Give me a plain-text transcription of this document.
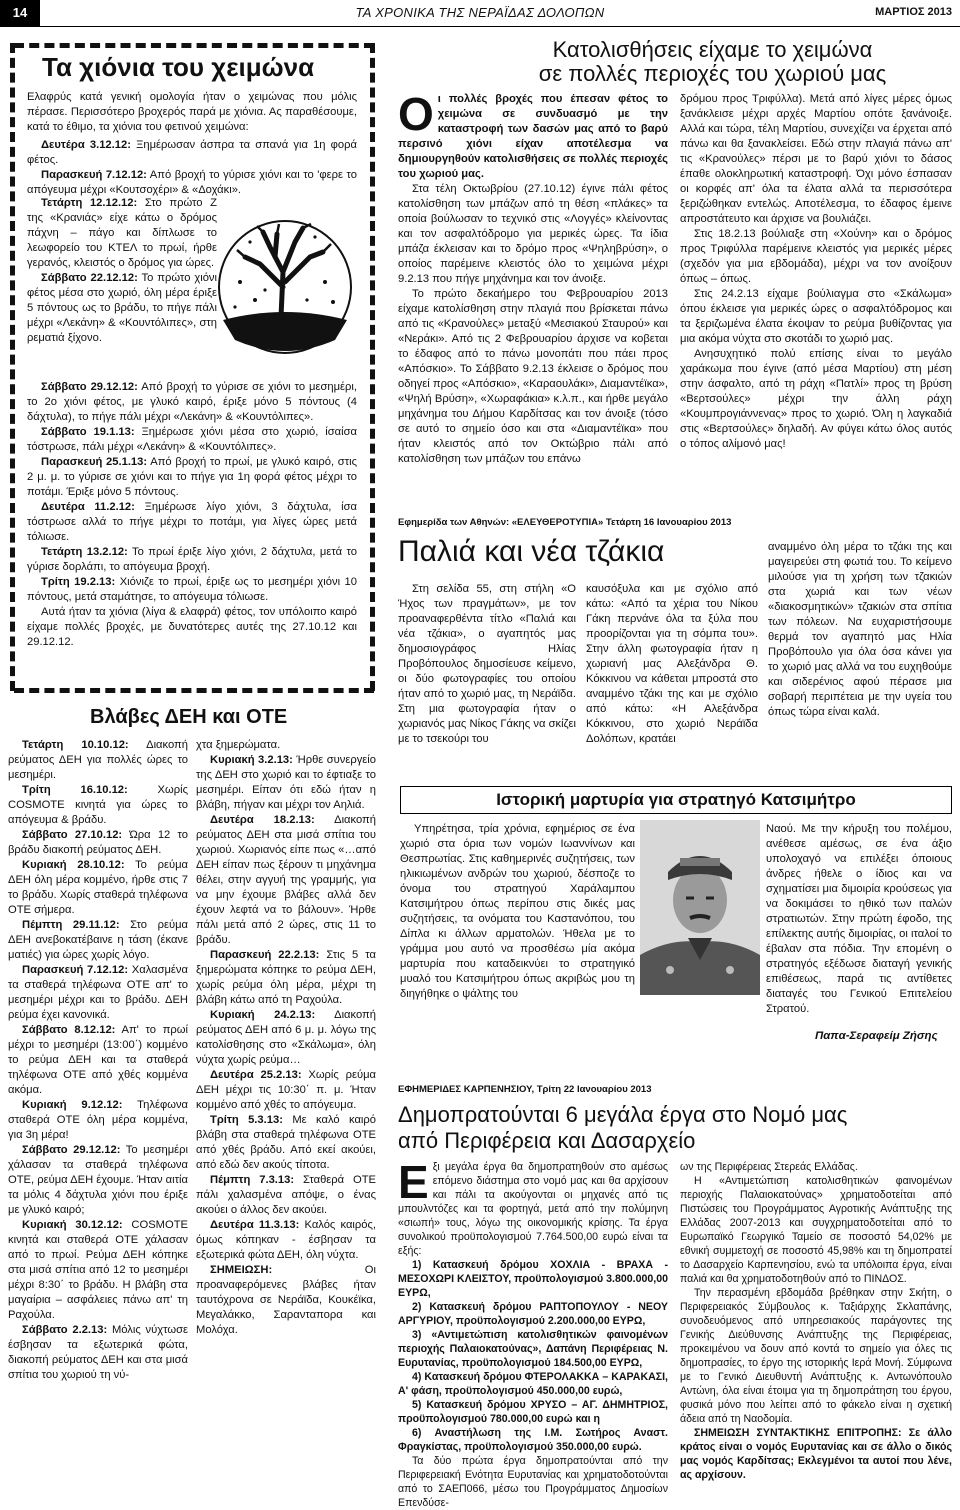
14	ΤΑ ΧΡΟΝΙΚΑ ΤΗΣ ΝΕΡΑΪΔΑΣ ΔΟΛΟΠΩΝ	ΜΑΡΤΙΟΣ 2013
Τα χιόνια του χειμώνα

Ελαφρύς κατά γενική ομολογία ήταν ο χειμώνας που μόλις πέρασε. Περισσότερο βροχερός παρά με χιόνια. Ας παραθέσουμε, κατά το έθιμο, τα χιόνια του φετινού χειμώνα:

Δευτέρα 3.12.12: Ξημέρωσαν άσπρα τα σπανά για 1η φορά φέτος.

Παρασκευή 7.12.12: Από βροχή το γύρισε χιόνι και το 'φερε το απόγευμα μέχρι «Κουτσοχέρι» & «Δοχάκι».

Τετάρτη 12.12.12: Στο πρώτο Ζ της «Κρανιάς» είχε κάτω ο δρόμος πάχνη – πάγο και δίπλωσε το λεωφορείο του ΚΤΕΛ το πρωί, ήρθε γερανός, κλειστός ο δρόμος για ώρες.

Σάββατο 22.12.12: Το πρώτο χιόνι φέτος μέσα στο χωριό, όλη μέρα έριξε 5 πόντους ως το βράδυ, το πήγε πάλι μέχρι «Λεκάνη» & «Κουντόλιπες», στη ρεματιά ξίχονο.

Σάββατο 29.12.12: Από βροχή το γύρισε σε χιόνι το μεσημέρι, το 2ο χιόνι φέτος, με γλυκό καιρό, έριξε μόνο 5 πόντους (4 δάχτυλα), το πήγε πάλι μέχρι «Λεκάνη» & «Κουντόλιπες».

Σάββατο 19.1.13: Ξημέρωσε χιόνι μέσα στο χωριό, ίσαίσα τόστρωσε, πάλι μέχρι «Λεκάνη» & «Κουντόλιπες».

Παρασκευή 25.1.13: Από βροχή το πρωί, με γλυκό καιρό, στις 2 μ. μ. το γύρισε σε χιόνι και το πήγε για 1η φορά φέτος μέχρι το ποτάμι. Έριξε μόνο 5 πόντους.

Δευτέρα 11.2.12: Ξημέρωσε λίγο χιόνι, 3 δάχτυλα, ίσα τόστρωσε αλλά το πήγε μέχρι το ποτάμι, για λίγες ώρες μετά τόλιωσε.

Τετάρτη 13.2.12: Το πρωί έριξε λίγο χιόνι, 2 δάχτυλα, μετά το γύρισε δορλάπι, το απόγευμα βροχή.

Τρίτη 19.2.13: Χιόνιζε το πρωί, έριξε ως το μεσημέρι χιόνι 10 πόντους, μετά σταμάτησε, το απόγευμα τόλιωσε.

Αυτά ήταν τα χιόνια (λίγα & ελαφρά) φέτος, τον υπόλοιπο καιρό είχαμε πολλές βροχές, με δυνατότερες αυτές της 27.10.12 και 29.12.12.

Βλάβες ΔΕΗ και ΟΤΕ

Τετάρτη 10.10.12: Διακοπή ρεύματος ΔΕΗ για πολλές ώρες το μεσημέρι.

Τρίτη 16.10.12: Χωρίς COSMOTE κινητά για ώρες το απόγευμα & βράδυ.

Σάββατο 27.10.12: Ώρα 12 το βράδυ διακοπή ρεύματος ΔΕΗ.

Κυριακή 28.10.12: Το ρεύμα ΔΕΗ όλη μέρα κομμένο, ήρθε στις 7 το βράδυ. Χωρίς σταθερά τηλέφωνα ΟΤΕ σήμερα.

Πέμπτη 29.11.12: Στο ρεύμα ΔΕΗ ανεβοκατέβαινε η τάση (έκανε ματιές) για ώρες χωρίς λόγο.

Παρασκευή 7.12.12: Χαλασμένα τα σταθερά τηλέφωνα ΟΤΕ απ' το μεσημέρι μέχρι και το βράδυ. ΔΕΗ ρεύμα έχει κανονικά.

Σάββατο 8.12.12: Απ' το πρωί μέχρι το μεσημέρι (13:00΄) κομμένο το ρεύμα ΔΕΗ και τα σταθερά τηλέφωνα ΟΤΕ από χθές κομμένα ακόμα.

Κυριακή 9.12.12: Τηλέφωνα σταθερά ΟΤΕ όλη μέρα κομμένα, για 3η μέρα!

Σάββατο 29.12.12: Το μεσημέρι χάλασαν τα σταθερά τηλέφωνα ΟΤΕ, ρεύμα ΔΕΗ έχουμε. Ήταν αιτία τα μόλις 4 δάχτυλα χιόνι που έριξε με γλυκό καιρό;

Κυριακή 30.12.12: COSMOTE κινητά και σταθερά ΟΤΕ χάλασαν από το πρωί. Ρεύμα ΔΕΗ κόπηκε στα μισά σπίτια από 12 το μεσημέρι μέχρι 8:30΄ το βράδυ. Η βλάβη στα μαγαίρια – ασφάλειες πάνω απ' τη Ραχούλα.

Σάββατο 2.2.13: Μόλις νύχτωσε έσβησαν τα εξωτερικά φώτα, διακοπή ρεύματος ΔΕΗ και στα μισά σπίτια του χωριού τη νύ-

χτα ξημερώματα.

Κυριακή 3.2.13: Ήρθε συνεργείο της ΔΕΗ στο χωριό και το έφτιαξε το μεσημέρι. Είπαν ότι εδώ ήταν η βλάβη, πήγαν και μέχρι τον Αηλιά.

Δευτέρα 18.2.13: Διακοπή ρεύματος ΔΕΗ στα μισά σπίτια του χωριού. Χωριανός είπε πως «…από ΔΕΗ είπαν πως ξέρουν τι μηχάνημα θέλει, στην αγγυή της γραμμής, για να μην έχουμε βλάβες αλλά δεν έχουν λεφτά να το βάλουν». Ήρθε πάλι μετά από 2 ώρες, στις 11 το βράδυ.

Παρασκευή 22.2.13: Στις 5 τα ξημερώματα κόπηκε το ρεύμα ΔΕΗ, χωρίς ρεύμα όλη μέρα, μέχρι τη βλάβη κάτω από τη Ραχούλα.

Κυριακή 24.2.13: Διακοπή ρεύματος ΔΕΗ από 6 μ. μ. λόγω της κατολίσθησης στο «Σκάλωμα», όλη νύχτα χωρίς ρεύμα…

Δευτέρα 25.2.13: Χωρίς ρεύμα ΔΕΗ μέχρι τις 10:30΄ π. μ. Ήταν κομμένο από χθές το απόγευμα.

Τρίτη 5.3.13: Με καλό καιρό βλάβη στα σταθερά τηλέφωνα ΟΤΕ από χθές βράδυ. Από εκεί ακούει, από εδώ δεν ακούς τίποτα.

Πέμπτη 7.3.13: Σταθερά ΟΤΕ πάλι χαλασμένα απόψε, ο ένας ακούει ο άλλος δεν ακούει.

Δευτέρα 11.3.13: Καλός καιρός, όμως κόπηκαν - έσβησαν τα εξωτερικά φώτα ΔΕΗ, όλη νύχτα.

ΣΗΜΕΙΩΣΗ: Οι προαναφερόμενες βλάβες ήταν ταυτόχρονα σε Νεράϊδα, Κουκέϊκα, Μεγαλάκκο, Σαρανταπορα και Μολόχα.

Κατολισθήσεις είχαμε το χειμώνα
σε πολλές περιοχές του χωριού μας

Οι πολλές βροχές που έπεσαν φέτος το χειμώνα σε συνδυασμό με την καταστροφή των δασών μας από το βαρύ περσινό χιόνι είχαν αποτέλεσμα να δημιουργηθούν κατολισθήσεις σε πολλές περιοχές του χωριού μας.

Στα τέλη Οκτωβρίου (27.10.12) έγινε πάλι φέτος κατολίσθηση των μπάζων από τη θέση «πλάκες» τα οποία βούλωσαν το τεχνικό στις «Λογγές» κλείνοντας και τον ασφαλτόδρομο για μερικές ώρες. Τα ίδια μπάζα έκλεισαν και το δρόμο προς «Ψηληβρύση», ο οποίος παρέμεινε κλειστός όλο το χειμώνα μέχρι 9.2.13 που πήγε μηχάνημα και τον άνοιξε.

Το πρώτο δεκαήμερο του Φεβρουαρίου 2013 είχαμε κατολίσθηση στην πλαγιά που βρίσκεται πάνω από τις «Κρανούλες» μεταξύ «Μεσιακού Σταυρού» και «Νεράκι». Από τις 2 Φεβρουαρίου άρχισε να κοβεται το έδαφος από το πάνω μονοπάτι που πάει προς «Απόσκιο». Το Σάββατο 9.2.13 έκλεισε ο δρόμος που οδηγεί προς «Απόσκιο», «Καραουλάκι», Διαμαντέϊκα», «Ψηλή Βρύση», «Χωραφάκια» κ.λ.π., και ήρθε μεγάλο μηχάνημα του Δήμου Καρδίτσας και τον άνοιξε (τόσο σε αυτό το σημείο όσο και στα «Διαμαντέϊκα» που ήταν κλειστός από τον Οκτώβριο πάλι από κατολίσθηση των μπάζων του επάνω

δρόμου προς Τριφύλλα). Μετά από λίγες μέρες όμως ξανάκλεισε μέχρι αρχές Μαρτίου οπότε ξανάνοιξε. Αλλά και τώρα, τέλη Μαρτίου, συνεχίζει να έρχεται από πάνω και θα ξανακλείσει. Εδώ στην πλαγιά πάνω απ' τις «Κρανούλες» πέρσι με το βαρύ χιόνι το δάσος έπαθε ολοκληρωτική καταστροφή. Όχι μόνο έσπασαν οι κορφές απ' όλα τα έλατα αλλά τα περισσότερα ξεριζώθηκαν εντελώς. Αποτέλεσμα, το έδαφος έμεινε απροστάτευτο και άρχισε να βουλιάζει.

Στις 18.2.13 βούλιαξε στη «Χούνη» και ο δρόμος προς Τριφύλλα παρέμεινε κλειστός για μερικές μέρες (σχεδόν για μια εβδομάδα), μέχρι να τον ανοίξουν όπως – όπως.

Στις 24.2.13 είχαμε βούλιαγμα στο «Σκάλωμα» όπου έκλεισε για μερικές ώρες ο ασφαλτόδρομος και τα ξεριζωμένα έλατα έκοψαν το ρεύμα βυθίζοντας για μια ακόμα νύχτα στο σκοτάδι το χωριό μας.

Ανησυχητικό πολύ επίσης είναι το μεγάλο χαράκωμα που έγινε (από μέσα Μαρτίου) στη μέση στην άσφαλτο, από τη ράχη «Πατλί» προς τη βρύση «Βερτσούλες» μέχρι την άλλη ράχη «Κουμπρογιάννενας» προς το χωριό. Όλη η λαγκαδιά στις «Βερτσούλες» δηλαδή. Αν φύγει κάτω όλος αυτός ο τόπος αλίμονό μας!

Εφημερίδα των Αθηνών: «ΕΛΕΥΘΕΡΟΤΥΠΙΑ» Τετάρτη 16 Ιανουαρίου 2013
Παλιά και νέα τζάκια

Στη σελίδα 55, στη στήλη «Ο Ήχος των πραγμάτων», με τον προαναφερθέντα τίτλο «Παλιά και νέα τζάκια», ο αγαπητός μας δημοσιογράφος Ηλίας Προβόπουλος δημοσίευσε κείμενο, οι δύο φωτογραφίες του οποίου ήταν από το χωριό μας, τη Νεράϊδα. Στη μια φωτογραφία ήταν ο χωριανός μας Νίκος Γάκης να σκίζει με το τσεκούρι του

καυσόξυλα και με σχόλιο από κάτω: «Από τα χέρια του Νίκου Γάκη περνάνε όλα τα ξύλα που προορίζονται για τη σόμπα του». Στην άλλη φωτογραφία ήταν η χωριανή μας Αλεξάνδρα Θ. Κόκκινου να κάθεται μπροστά στο αναμμένο τζάκι της και με σχόλιο από κάτω: «Η Αλεξάνδρα Κόκκινου, στο χωριό Νεράϊδα Δολόπων, κρατάει

αναμμένο όλη μέρα το τζάκι της και μαγειρεύει στη φωτιά του. Το κείμενο μιλούσε για τη χρήση των τζακιών στα χωριά και των νέων «διακοσμητικών» τζακιών στα σπίτια των πόλεων. Να ευχαριστήσουμε θερμά τον αγαπητό μας Ηλία Προβόπουλο για όλα όσα κάνει για το χωριό μας αλλά να του ευχηθούμε και σιδερένιος αφού πέρασε μια σοβαρή περιπέτεια με την υγεία του όπως τώρα είναι καλά.

Ιστορική μαρτυρία για στρατηγό Κατσιμήτρο

Υπηρέτησα, τρία χρόνια, εφημέριος σε ένα χωριό στα όρια των νομών Ιωαννίνων και Θεσπρωτίας. Στις καθημερινές συζητήσεις, των ηλικιωμένων ανδρών του χωριού, δέσποζε το όνομα του στρατηγού Χαράλαμπου Κατσιμήτρου όπως περίπου στις δικές μας συζητήσεις, τα ονόματα του Καστανόπου, του Δίπλα κι άλλων αρματολών. Ήθελα με το γράμμα μου αυτό να προσθέσω μία ακόμα μαρτυρία που καταδεικνύει το στρατηγικό μυαλό του Κατσιμήτρου όπως ακριβώς μου τη διηγήθηκε ο ψάλτης του

Ναού. Με την κήρυξη του πολέμου, ανέθεσε αμέσως, σε ένα άξιο υπολοχαγό να επιλέξει όποιους άνδρες ήθελε ο ίδιος και να σχηματίσει μια διμοιρία κρούσεως για να δοκιμάσει το ηθικό των ιταλών στρατιωτών. Στην πρώτη έφοδο, της επίλεκτης αυτής διμοιρίας, οι ιταλοί το έβαλαν στα πόδια. Την επομένη ο στρατηγός εξέδωσε διαταγή γενικής επιθέσεως, παρά τις αντίθετες διαταγές του Γενικού Επιτελείου Στρατού.

Παπα-Σεραφείμ Ζήσης
ΕΦΗΜΕΡΙΔΕΣ ΚΑΡΠΕΝΗΣΙΟΥ, Τρίτη 22 Ιανουαρίου 2013
Δημοπρατούνται 6 μεγάλα έργα στο Νομό μας
από Περιφέρεια και Δασαρχείο

Εξι μεγάλα έργα θα δημοπρατηθούν στο αμέσως επόμενο διάστημα στο νομό μας και θα αρχίσουν και πάλι τα ακούγονται οι μηχανές από τις μπουλντόζες και τα φορτηγά, μετά από την πολύμηνη «σιωπή» τους, λόγω της οικονομικής κρίσης. Τα έργα συνολικού προϋπολογισμού 7.764.500,00 ευρώ είναι τα εξής:

1) Κατασκευή δρόμου ΧΟΧΛΙΑ - ΒΡΑΧΑ - ΜΕΣΟΧΩΡΙ ΚΛΕΙΣΤΟΥ, προϋπολογισμού 3.800.000,00 ΕΥΡΩ,

2) Κατασκευή δρόμου ΡΑΠΤΟΠΟΥΛΟΥ - ΝΕΟΥ ΑΡΓΥΡΙΟΥ, προϋπολογισμού 2.200.000,00 ΕΥΡΩ,

3) «Αντιμετώπιση κατολισθητικών φαινομένων περιοχής Παλαιοκατούνας», Δαπάνη Περιφέρειας Ν. Ευρυτανίας, προϋπολογισμού 184.500,00 ΕΥΡΩ,

4) Κατασκευή δρόμου ΦΤΕΡΟΛΑΚΚΑ – ΚΑΡΑΚΑΣΙ, Α' φάση, προϋπολογισμού 450.000,00 ευρώ,

5) Κατασκευή δρόμου ΧΡΥΣΟ – ΑΓ. ΔΗΜΗΤΡΙΟΣ, προϋπολογισμού 780.000,00 ευρώ και η

6) Αναστήλωση της Ι.Μ. Σωτήρος Αναστ. Φραγκίστας, προϋπολογισμού 350.000,00 ευρώ.

Τα δύο πρώτα έργα δημοπρατούνται από την Περιφερειακή Ενότητα Ευρυτανίας και χρηματοδοτούνται από το ΣΑΕΠ066, μέσω του Προγράμματος Δημοσίων Επενδύσε-

ων της Περιφέρειας Στερεάς Ελλάδας.

Η «Αντιμετώπιση κατολισθητικών φαινομένων περιοχής Παλαιοκατούνας» χρηματοδοτείται από Πιστώσεις του Προγράμματος Αγροτικής Ανάπτυξης της Ελλάδας 2007-2013 και συγχρηματοδοτείται από το Ευρωπαϊκό Γεωργικό Ταμείο σε ποσοστό 54,02% με εθνική συμμετοχή σε ποσοστό 45,98% και τη δημοπρατεί το Δασαρχείο Καρπενησίου, ενώ τα υπόλοιπα έργα, είναι παλιά και θα χρηματοδοτηθούν από το ΠΙΝΔΟΣ.

Την περασμένη εβδομάδα βρέθηκαν στην Σκήτη, ο Περιφερειακός Σύμβουλος κ. Ταξιάρχης Σκλαπάνης, συνοδευόμενος από υπηρεσιακούς παράγοντες της Γενικής Διεύθυνσης Ανάπτυξης της Περιφέρειας, προκειμένου να δουν από κοντά το σημείο για όλες τις δημοπρασίες, το έργο της ιστορικής Ιερά Μονή. Σύμφωνα με το Γενικό Διευθυντή Ανάπτυξης κ. Αντωνόπουλο Αντώνη, όλα είναι έτοιμα για τη δημοπράτηση του έργου, φυσικά μόνο που λείπει από το φάκελο είναι η σχετική άδεια από τη Ναοδομία.

ΣΗΜΕΙΩΣΗ ΣΥΝΤΑΚΤΙΚΗΣ ΕΠΙΤΡΟΠΗΣ: Σε άλλο κράτος είναι ο νομός Ευρυτανίας και σε άλλο ο δικός μας νομός Καρδίτσας; Εκλεγμένοι τα αυτοί που λένε, ας αρχίσουν.
